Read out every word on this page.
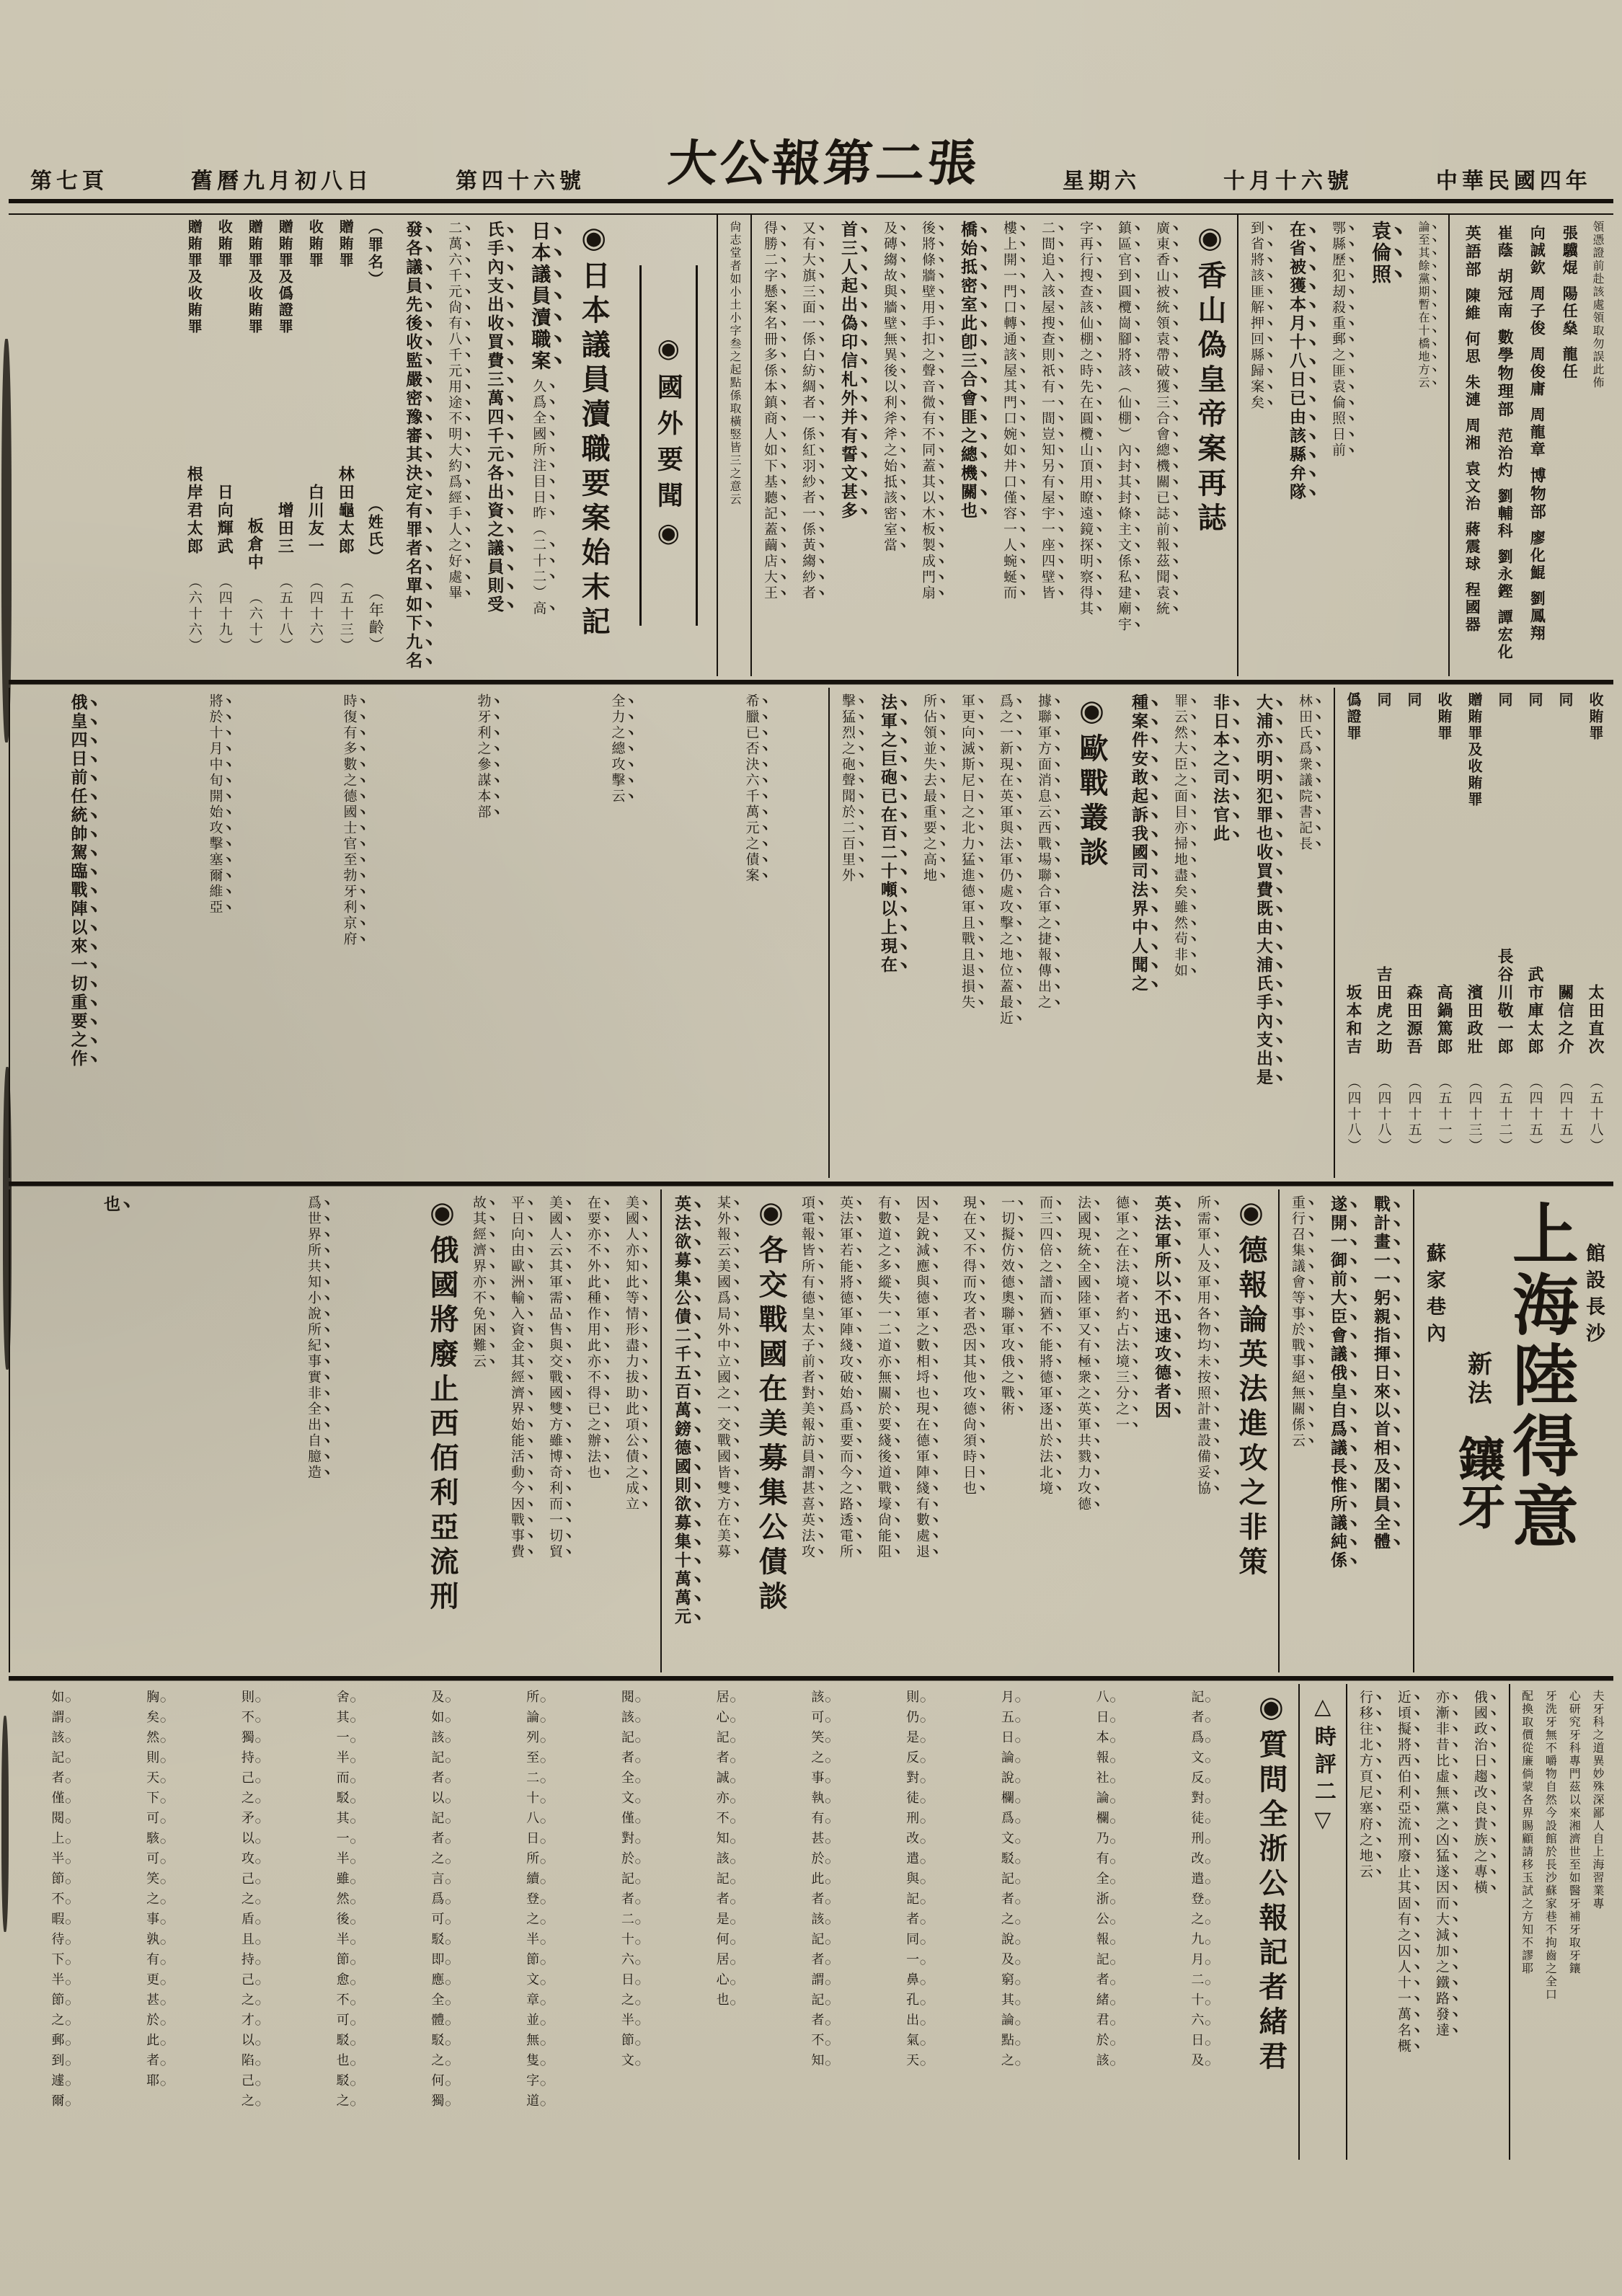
第七頁	舊曆九月初八日	第四十六號 大公報第二張	星期六	十月十六號	中華民國四年
領憑證前赴該處領取勿誤此佈
英語部
陳維
何思
朱漣
周湘
袁文治
蔣震球
程國器
崔蔭
胡冠南
數學物理部
范治灼
劉輔科
劉永鏗
譚宏化
向誠欽
周子俊
周俊庸
周龍章
博物部
廖化鯤
劉鳳翔
張驥焜
陽任燊
龍任
論至其餘黨期暫在十橋地方云
袁倫照
鄂縣歷犯刼殺重郵之匪袁倫照日前
在省被獲本月十八日已由該縣弁隊
到省將該匪解押回縣歸案矣
◉香山偽皇帝案再誌
廣東香山被統領袁帶破獲三合會總機關已誌前報茲聞袁統
鎮區官到圓欖崗腳將該（仙棚）內封其封條主文係私建廟宇
字再行搜查該仙棚之時先在圓欖山頂用瞭遠鏡探明察得其
二間追入該屋搜查則祇有一間豈知另有屋宇一座四壁皆
樓上開一門口轉通該屋其門口婉如井口僅容一人蜿蜒而
橋始抵密室此卽三合會匪之總機關也
後將條牆壁用手扣之聲音微有不同蓋其以木板製成門扇
及磚縐故與牆壁無異後以利斧斧之始抵該密室當
首三人起出偽印信札外并有誓文甚多
又有大旗三面一係白紡綢者一係紅羽紗者一係黃縐紗者
得勝二字懸案名冊多係本鎮商人如下基聽記蓋繭店大王
尙志堂者如小土小字叁之起點係取橫竪皆三之意云
◉國外要聞◉
◉日本議員瀆職要案始末記
日本議員瀆職案 久爲全國所注目日昨（二十二）高
氏手內支出收買費三萬四千元各出資之議員則受
二萬六千元尙有八千元用途不明大約爲經手人之好處畢
發各議員先後收監嚴密豫審其決定有罪者名單如下九名
（罪名）
（姓氏）
（年齡）
贈賄罪
林田龜太郎
（五十三）
收賄罪
白川友一
（四十六）
贈賄罪及僞證罪
增田三
（五十八）
贈賄罪及收賄罪
板倉中
（六十）
收賄罪
日向輝武
（四十九）
贈賄罪及收賄罪
根岸君太郎
（六十六）
收賄罪
太田直次
（五十八）
同
關信之介
（四十五）
同
武市庫太郎
（四十五）
同
長谷川敬一郎
（五十二）
贈賄罪及收賄罪
濱田政壯
（四十三）
收賄罪
高鍋篤郎
（五十一）
同
森田源吾
（四十五）
同
吉田虎之助
（四十八）
僞證罪
坂本和吉
（四十八）
林田氏爲衆議院書記長
大浦亦明明犯罪也收買費既由大浦氏手內支出是
非日本之司法官此
罪云然大臣之面目亦掃地盡矣雖然茍非如
種案件安敢起訴我國司法界中人聞之
◉歐戰叢談
據聯軍方面消息云西戰場聯合軍之捷報傳出之
爲之一新現在英軍與法軍仍處攻擊之地位蓋最近
軍更向滅斯尼日之北力猛進德軍且戰且退損失
所佔領並失去最重要之高地
法軍之巨砲已在百二十噸以上現在
擊猛烈之砲聲聞於二百里外
希臘已否決六千萬元之債案
全力之總攻擊云
勃牙利之參謀本部
時復有多數之德國士官至勃牙利京府
將於十月中旬開始攻擊塞爾維亞
俄皇四日前任統帥駕臨戰陣以來一切重要之作
館設長沙
上海陸得意
新法
鑲牙
蘇家巷內
戰計畫一一躬親指揮日來以首相及閣員全體
遂開一御前大臣會議俄皇自爲議長惟所議純係
重行召集議會等事於戰事絕無關係云
◉德報論英法進攻之非策
所需軍人及軍用各物均未按照計畫設備妥協
英法軍所以不迅速攻德者因
德軍之在法境者約占法境三分之一
法國現統全國陸軍又有極衆之英軍共戮力攻德
而三四倍之譜而猶不能將德軍逐出於法北境
一切擬仿效德奧聯軍攻俄之戰術
現在又不得而攻者恐因其他攻德尙須時日也
因是銳減應與德軍之數相埒也現在德軍陣綫有數處退
有數道之多縱失一二道亦無關於要綫後道戰壕尙能阻
英法軍若能將德軍陣綫攻破始爲重要而今之路透電所
項電報皆所有德皇太子前者對美報訪員謂甚喜英法攻
◉各交戰國在美募集公債談
某外報云美國爲局外中立國之一交戰國皆雙方在美募
英法欲募集公債二千五百萬鎊德國則欲募集十萬萬元
美國人亦知此等情形盡力拔助此項公債之成立
在要亦不外此種作用此亦不得已之辦法也
美國人云其軍需品售與交戰國雙方雖博奇利而一切貿
平日向由歐洲輸入資金其經濟界始能活動今因戰事費
故其經濟界亦不免困難云
◉俄國將廢止西佰利亞流刑
爲世界所共知小說所紀事實非全出自臆造
也
夫牙科之道異妙殊深鄙人自上海習業專
心研究牙科專門茲以來湘濟世至如醫牙補牙取牙鑲
牙洗牙無不嚼物自然今設館於長沙蘇家巷不拘齒之全口
配換取價從廉倘蒙各界賜顧請移玉試之方知不謬耶
俄國政治日趨改良貴族之專橫
亦漸非昔比虛無黨之凶猛遂因而大減加之鐵路發達
近頃擬將西伯利亞流刑廢止其固有之囚人十一萬名概
行移往北方頁尼塞府之地云
△
時評二
▽
◉質問全浙公報記者緒君
記者爲文反對徒刑改遣登之九月二十六日及
八日本報社論欄乃有全浙公報記者緒君於該
月五日論說欄爲文駁記者之說及窮其論點之
則仍是反對徒刑改遣與記者同一鼻孔出氣天
該可笑之事執有甚於此者該記者謂記者不知
居心記者誠亦不知該記者是何居心也
閱該記者全文僅對於記者二十六日之半節文
所論列至二十八日所續登之半節文章並無隻字道
及如該記者以記者之言爲可駁即應全體駁之何獨
舍其一半而駁其一半雖然後半節愈不可駁也駁之
則不獨持己之矛以攻己之盾且持己之才以陷己之
胸矣然則天下可駭可笑之事孰有更甚於此者耶
如謂該記者僅閱上半節不暇待下半節之郵到遽爾
